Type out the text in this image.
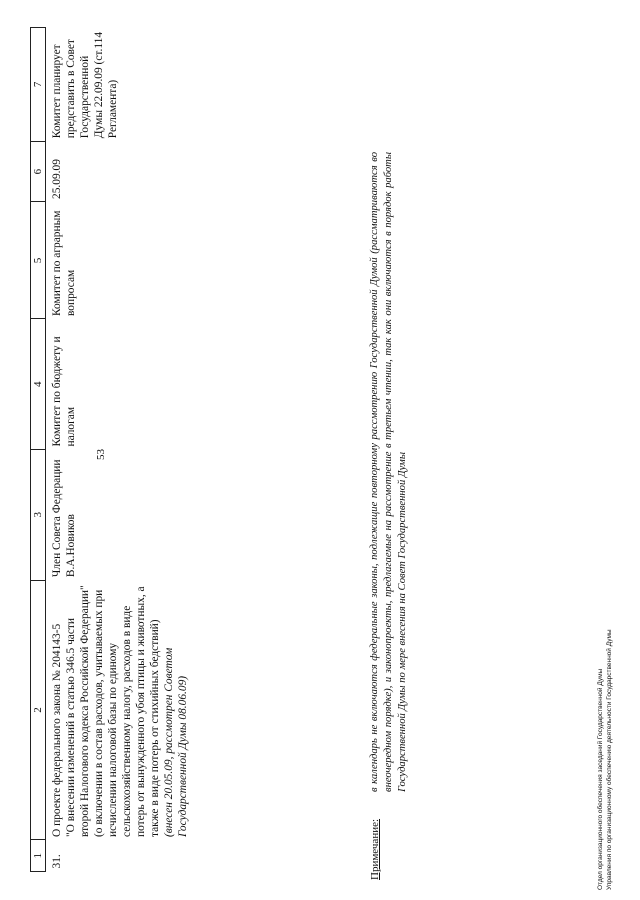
53
1	2	3	4	5	6	7
31.	О проекте федерального закона № 204143-5 "О внесении изменений в статью 346.5 части второй Налогового кодекса Российской Федерации" (о включении в состав расходов, учитываемых при исчислении налоговой базы по единому сельскохозяйственному налогу, расходов в виде потерь от вынужденного убоя птицы и животных, а также в виде потерь от стихийных бедствий) (внесен 20.05.09, рассмотрен Советом Государственной Думы 08.06.09)	Член Совета Федерации В.А.Новиков	Комитет по бюджету и налогам	Комитет по аграрным вопросам	25.09.09	Комитет планирует представить в Совет Государственной Думы 22.09.09 (ст.114 Регламента)
Примечание:
в календарь не включаются федеральные законы, подлежащие повторному рассмотрению Государственной Думой (рассматриваются во внеочередном порядке), и законопроекты, предлагаемые на рассмотрение в третьем чтении, так как они включаются в порядок работы Государственной Думы по мере внесения на Совет Государственной Думы	Отдел организационного обеспечения заседаний Государственной Думы Управления по организационному обеспечению деятельности Государственной Думы
